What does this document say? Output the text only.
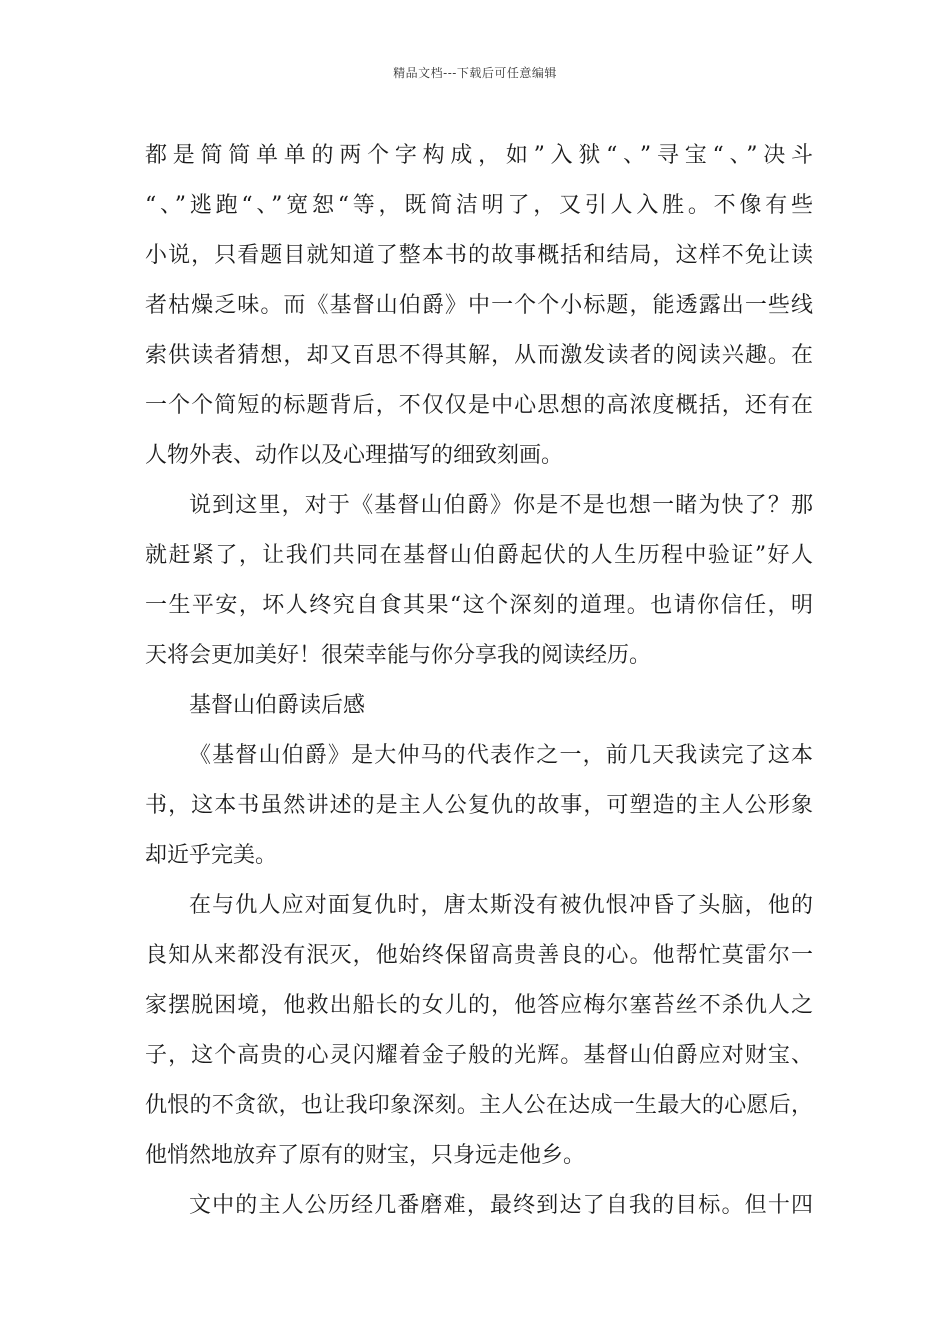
精品文档---下载后可任意编辑
都是简简单单的两个字构成，如”入狱“、”寻宝“、”决斗
“、”逃跑“、”宽恕“等，既简洁明了，又引人入胜。不像有些
小说，只看题目就知道了整本书的故事概括和结局，这样不免让读
者枯燥乏味。而《基督山伯爵》中一个个小标题，能透露出一些线
索供读者猜想，却又百思不得其解，从而激发读者的阅读兴趣。在
一个个简短的标题背后，不仅仅是中心思想的高浓度概括，还有在
人物外表、动作以及心理描写的细致刻画。
说到这里，对于《基督山伯爵》你是不是也想一睹为快了？那
就赶紧了，让我们共同在基督山伯爵起伏的人生历程中验证”好人
一生平安，坏人终究自食其果“这个深刻的道理。也请你信任，明
天将会更加美好！很荣幸能与你分享我的阅读经历。
基督山伯爵读后感
《基督山伯爵》是大仲马的代表作之一，前几天我读完了这本
书，这本书虽然讲述的是主人公复仇的故事，可塑造的主人公形象
却近乎完美。
在与仇人应对面复仇时，唐太斯没有被仇恨冲昏了头脑，他的
良知从来都没有泯灭，他始终保留高贵善良的心。他帮忙莫雷尔一
家摆脱困境，他救出船长的女儿的，他答应梅尔塞苔丝不杀仇人之
子，这个高贵的心灵闪耀着金子般的光辉。基督山伯爵应对财宝、
仇恨的不贪欲，也让我印象深刻。主人公在达成一生最大的心愿后，
他悄然地放弃了原有的财宝，只身远走他乡。
文中的主人公历经几番磨难，最终到达了自我的目标。但十四
